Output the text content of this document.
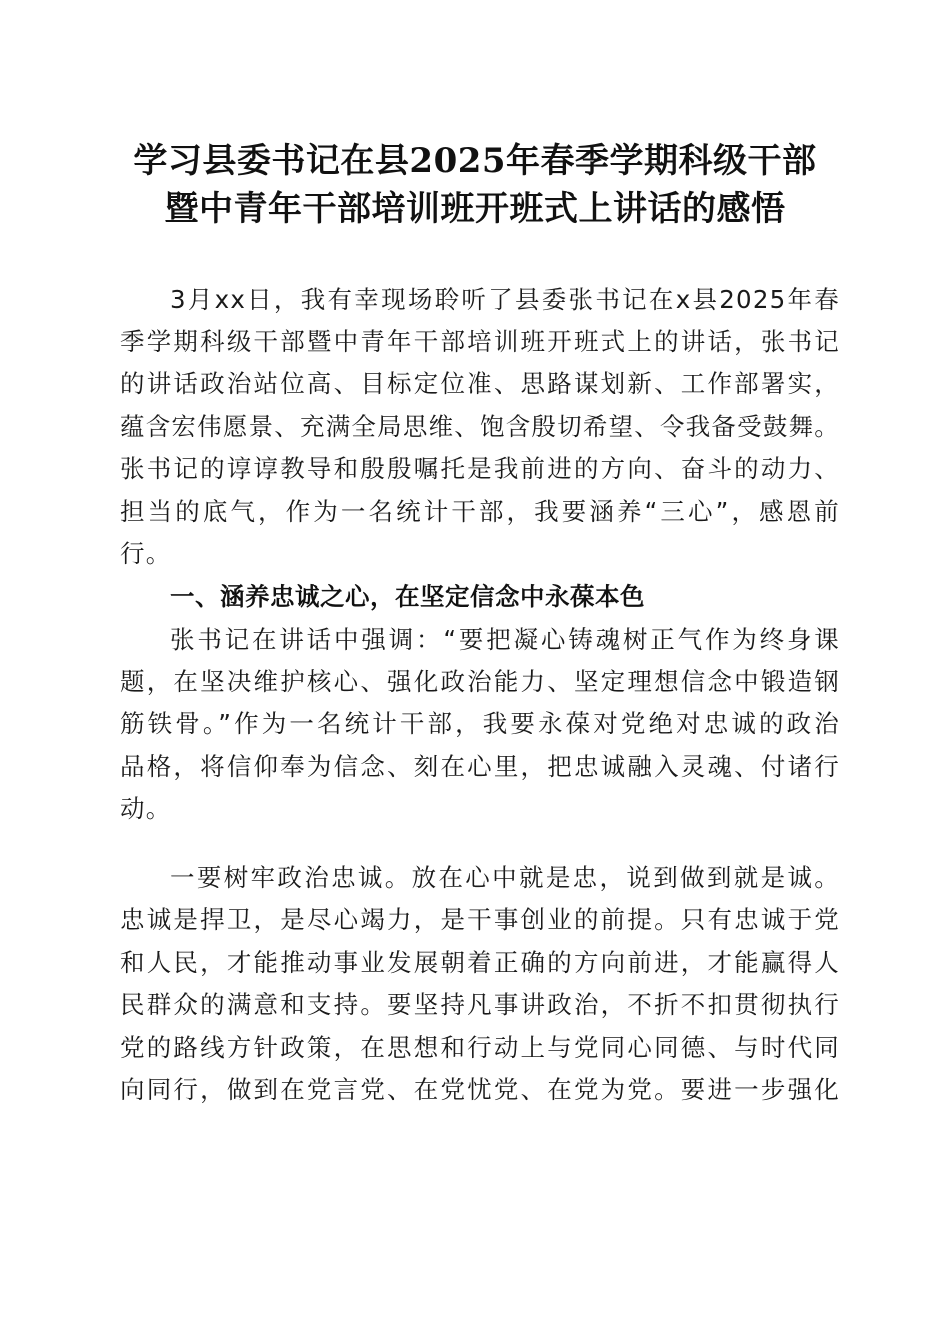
学习县委书记在县2025年春季学期科级干部
暨中青年干部培训班开班式上讲话的感悟
3月xx日，我有幸现场聆听了县委张书记在x县2025年春
季学期科级干部暨中青年干部培训班开班式上的讲话，张书记
的讲话政治站位高、目标定位准、思路谋划新、工作部署实，
蕴含宏伟愿景、充满全局思维、饱含殷切希望、令我备受鼓舞。
张书记的谆谆教导和殷殷嘱托是我前进的方向、奋斗的动力、
担当的底气，作为一名统计干部，我要涵养“三心”，感恩前
行。
一、涵养忠诚之心，在坚定信念中永葆本色
张书记在讲话中强调：“要把凝心铸魂树正气作为终身课
题，在坚决维护核心、强化政治能力、坚定理想信念中锻造钢
筋铁骨。”作为一名统计干部，我要永葆对党绝对忠诚的政治
品格，将信仰奉为信念、刻在心里，把忠诚融入灵魂、付诸行
动。
一要树牢政治忠诚。放在心中就是忠，说到做到就是诚。
忠诚是捍卫，是尽心竭力，是干事创业的前提。只有忠诚于党
和人民，才能推动事业发展朝着正确的方向前进，才能赢得人
民群众的满意和支持。要坚持凡事讲政治，不折不扣贯彻执行
党的路线方针政策，在思想和行动上与党同心同德、与时代同
向同行，做到在党言党、在党忧党、在党为党。要进一步强化
